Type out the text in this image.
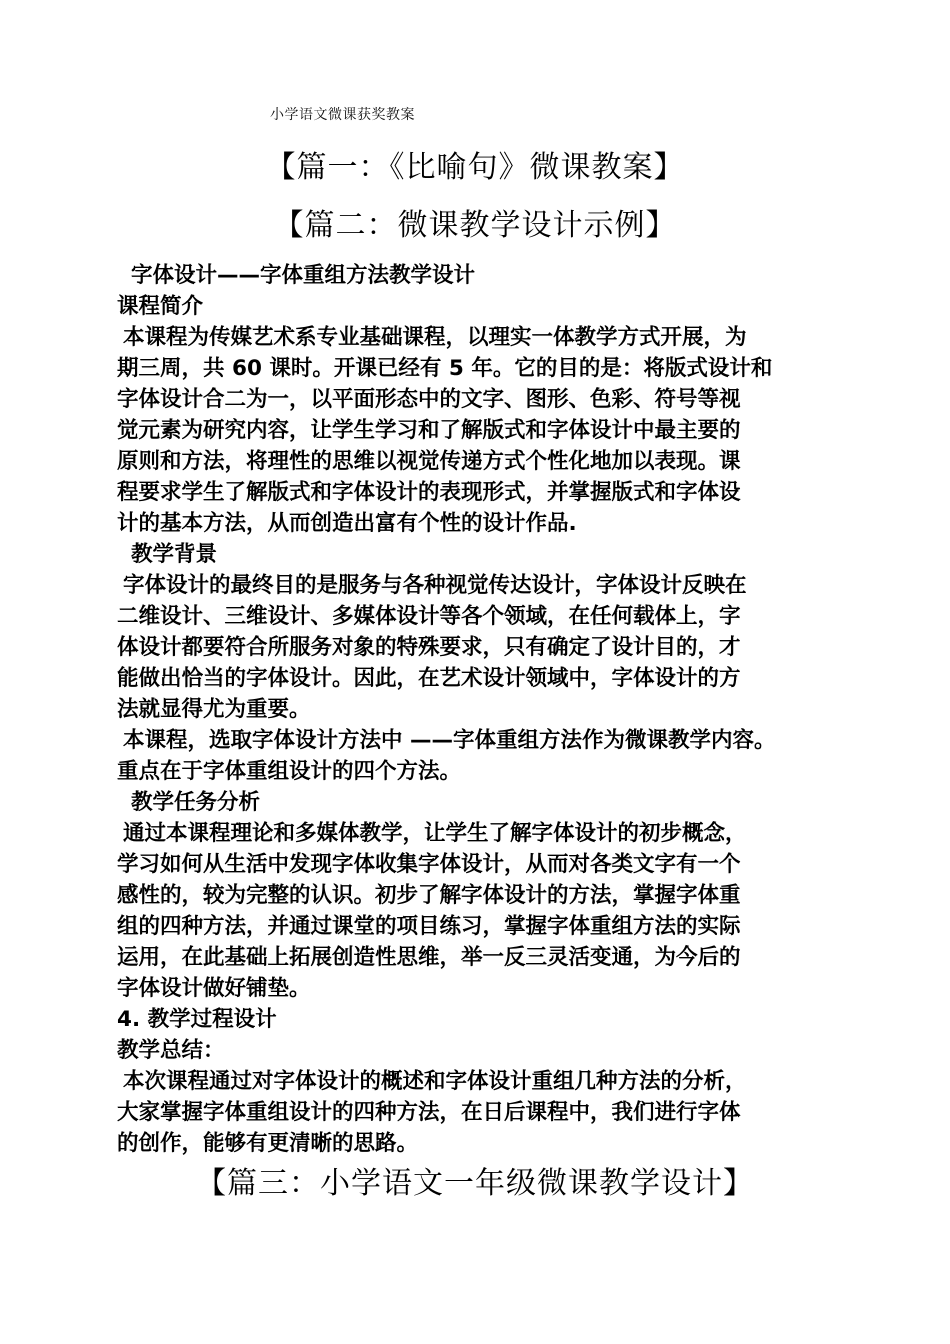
小学语文微课获奖教案
【篇一：《比喻句》微课教案】
【篇二：微课教学设计示例】

字体设计——字体重组方法教学设计

课程简介

本课程为传媒艺术系专业基础课程，以理实一体教学方式开展，为

期三周，共 60 课时。开课已经有 5 年。它的目的是：将版式设计和

字体设计合二为一，以平面形态中的文字、图形、色彩、符号等视

觉元素为研究内容，让学生学习和了解版式和字体设计中最主要的

原则和方法，将理性的思维以视觉传递方式个性化地加以表现。课

程要求学生了解版式和字体设计的表现形式，并掌握版式和字体设

计的基本方法，从而创造出富有个性的设计作品.

教学背景

字体设计的最终目的是服务与各种视觉传达设计，字体设计反映在

二维设计、三维设计、多媒体设计等各个领域，在任何载体上，字

体设计都要符合所服务对象的特殊要求，只有确定了设计目的，才

能做出恰当的字体设计。因此，在艺术设计领域中，字体设计的方

法就显得尤为重要。

本课程，选取字体设计方法中 ——字体重组方法作为微课教学内容。

重点在于字体重组设计的四个方法。

教学任务分析

通过本课程理论和多媒体教学，让学生了解字体设计的初步概念，

学习如何从生活中发现字体收集字体设计，从而对各类文字有一个

感性的，较为完整的认识。初步了解字体设计的方法，掌握字体重

组的四种方法，并通过课堂的项目练习，掌握字体重组方法的实际

运用，在此基础上拓展创造性思维，举一反三灵活变通，为今后的

字体设计做好铺垫。

4. 教学过程设计

教学总结：

本次课程通过对字体设计的概述和字体设计重组几种方法的分析，

大家掌握字体重组设计的四种方法，在日后课程中，我们进行字体

的创作，能够有更清晰的思路。

【篇三：小学语文一年级微课教学设计】
